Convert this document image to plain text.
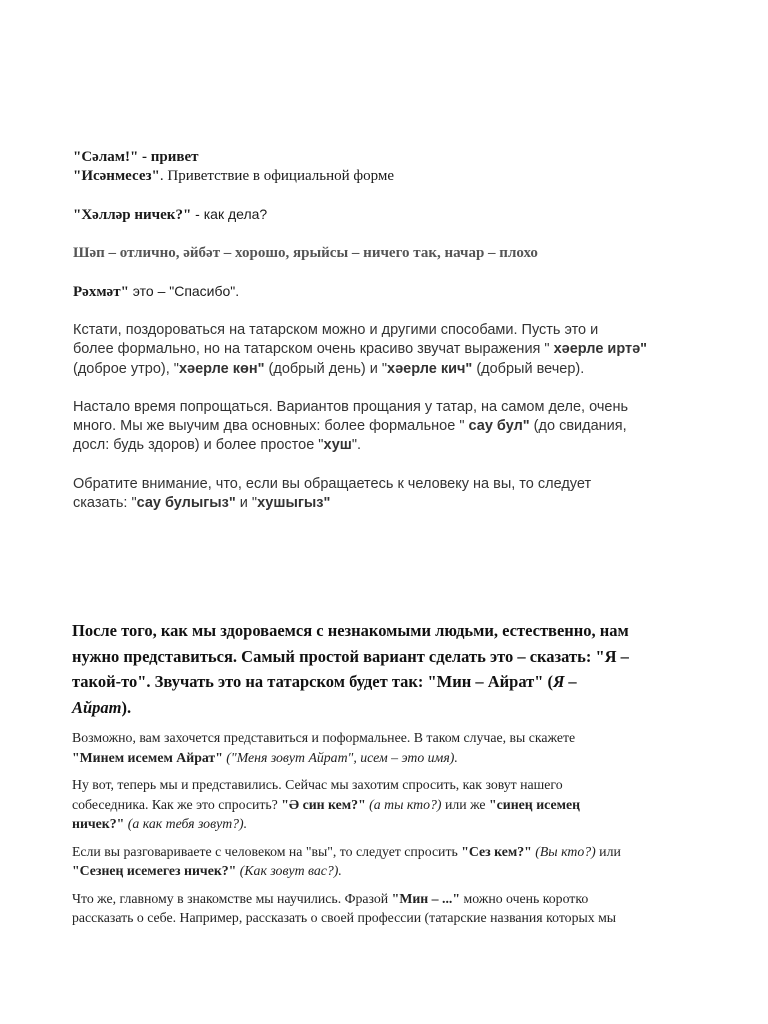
"Сәлам!" - привет

"Исәнмесез". Приветствие в официальной форме

"Хәлләр ничек?" - как дела?

Шәп – отлично, әйбәт – хорошо, ярыйсы – ничего так, начар – плохо

Рәхмәт" это – "Спасибо".

Кстати, поздороваться на татарском можно и другими способами. Пусть это и
более формально, но на татарском очень красиво звучат выражения " хәерле иртә"
(доброе утро), "хәерле көн" (добрый день) и "хәерле кич" (добрый вечер).
Настало время попрощаться. Вариантов прощания у татар, на самом деле, очень
много. Мы же выучим два основных: более формальное " сау бул" (до свидания,
досл: будь здоров) и более простое "хуш".
Обратите внимание, что, если вы обращаетесь к человеку на вы, то следует
сказать: "сау булыгыз" и "хушыгыз"

После того, как мы здороваемся с незнакомыми людьми, естественно, нам

нужно представиться. Самый простой вариант сделать это – сказать: "Я –

такой-то". Звучать это на татарском будет так: "Мин – Айрат" (Я –

Айрат).

Возможно, вам захочется представиться и поформальнее. В таком случае, вы скажете

"Минем исемем Айрат" ("Меня зовут Айрат", исем – это имя).

Ну вот, теперь мы и представились. Сейчас мы захотим спросить, как зовут нашего

собеседника. Как же это спросить? "Ә син кем?" (а ты кто?) или же "синең исемең

ничек?" (а как тебя зовут?).

Если вы разговариваете с человеком на "вы", то следует спросить "Сез кем?" (Вы кто?) или

"Сезнең исемегез ничек?" (Как зовут вас?).

Что же, главному в знакомстве мы научились. Фразой "Мин – ..." можно очень коротко

рассказать о себе. Например, рассказать о своей профессии (татарские названия которых мы
